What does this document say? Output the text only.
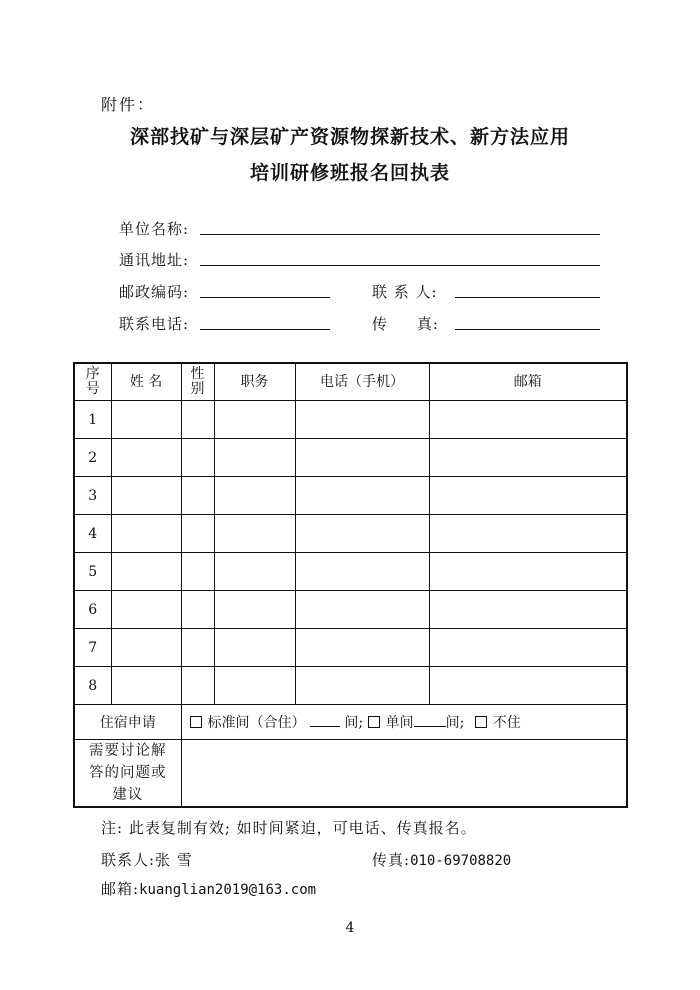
附件：
深部找矿与深层矿产资源物探新技术、新方法应用
培训研修班报名回执表
单位名称:
通讯地址:
邮政编码:	联 系 人:
联系电话:	传     真:
序号	姓 名	性别	职务	电话（手机）	邮箱
1					
2					
3					
4					
5					
6					
7					
8					
住宿申请		标准间（合住） 间; 单间 间; 不住			

需要讨论解答的问题或建议					

注: 此表复制有效; 如时间紧迫，可电话、传真报名。
联系人:张 雪	传真:010-69708820
邮箱:kuanglian2019@163.com
4
